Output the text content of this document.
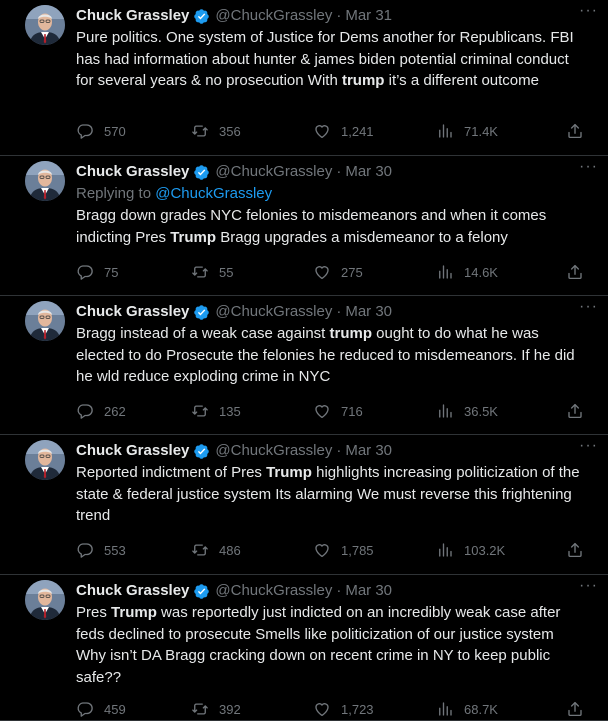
Chuck Grassley @ChuckGrassley · Mar 31
Pure politics. One system of Justice for Dems another for Republicans. FBI has had information about hunter & james biden potential criminal conduct for several years & no prosecution With trump it’s a different outcome
···
570	356	1,241	71.4K
Chuck Grassley @ChuckGrassley · Mar 30
Replying to @ChuckGrassley
Bragg down grades NYC felonies to misdemeanors and when it comes indicting Pres Trump Bragg upgrades a misdemeanor to a felony
···
75	55	275	14.6K
Chuck Grassley @ChuckGrassley · Mar 30
Bragg instead of a weak case against trump ought to do what he was elected to do Prosecute the felonies he reduced to misdemeanors. If he did he wld reduce exploding crime in NYC
···
262	135	716	36.5K
Chuck Grassley @ChuckGrassley · Mar 30
Reported indictment of Pres Trump highlights increasing politicization of the state & federal justice system Its alarming We must reverse this frightening trend
···
553	486	1,785	103.2K
Chuck Grassley @ChuckGrassley · Mar 30
Pres Trump was reportedly just indicted on an incredibly weak case after feds declined to prosecute Smells like politicization of our justice system Why isn’t DA Bragg cracking down on recent crime in NY to keep public safe??
···
459	392	1,723	68.7K
